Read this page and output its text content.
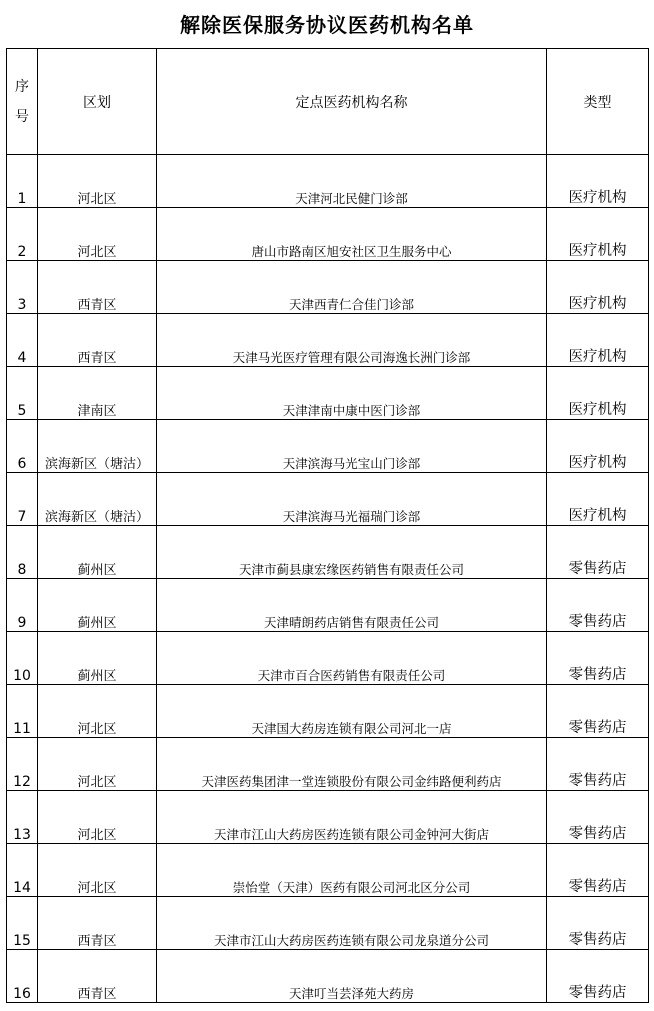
解除医保服务协议医药机构名单
序
号	区划	定点医药机构名称	类型
1	河北区	天津河北民健门诊部	医疗机构
2	河北区	唐山市路南区旭安社区卫生服务中心	医疗机构
3	西青区	天津西青仁合佳门诊部	医疗机构
4	西青区	天津马光医疗管理有限公司海逸长洲门诊部	医疗机构
5	津南区	天津津南中康中医门诊部	医疗机构
6	滨海新区（塘沽）	天津滨海马光宝山门诊部	医疗机构
7	滨海新区（塘沽）	天津滨海马光福瑞门诊部	医疗机构
8	蓟州区	天津市蓟县康宏缘医药销售有限责任公司	零售药店
9	蓟州区	天津晴朗药店销售有限责任公司	零售药店
10	蓟州区	天津市百合医药销售有限责任公司	零售药店
11	河北区	天津国大药房连锁有限公司河北一店	零售药店
12	河北区	天津医药集团津一堂连锁股份有限公司金纬路便利药店	零售药店
13	河北区	天津市江山大药房医药连锁有限公司金钟河大街店	零售药店
14	河北区	崇怡堂（天津）医药有限公司河北区分公司	零售药店
15	西青区	天津市江山大药房医药连锁有限公司龙泉道分公司	零售药店
16	西青区	天津叮当芸泽苑大药房	零售药店
